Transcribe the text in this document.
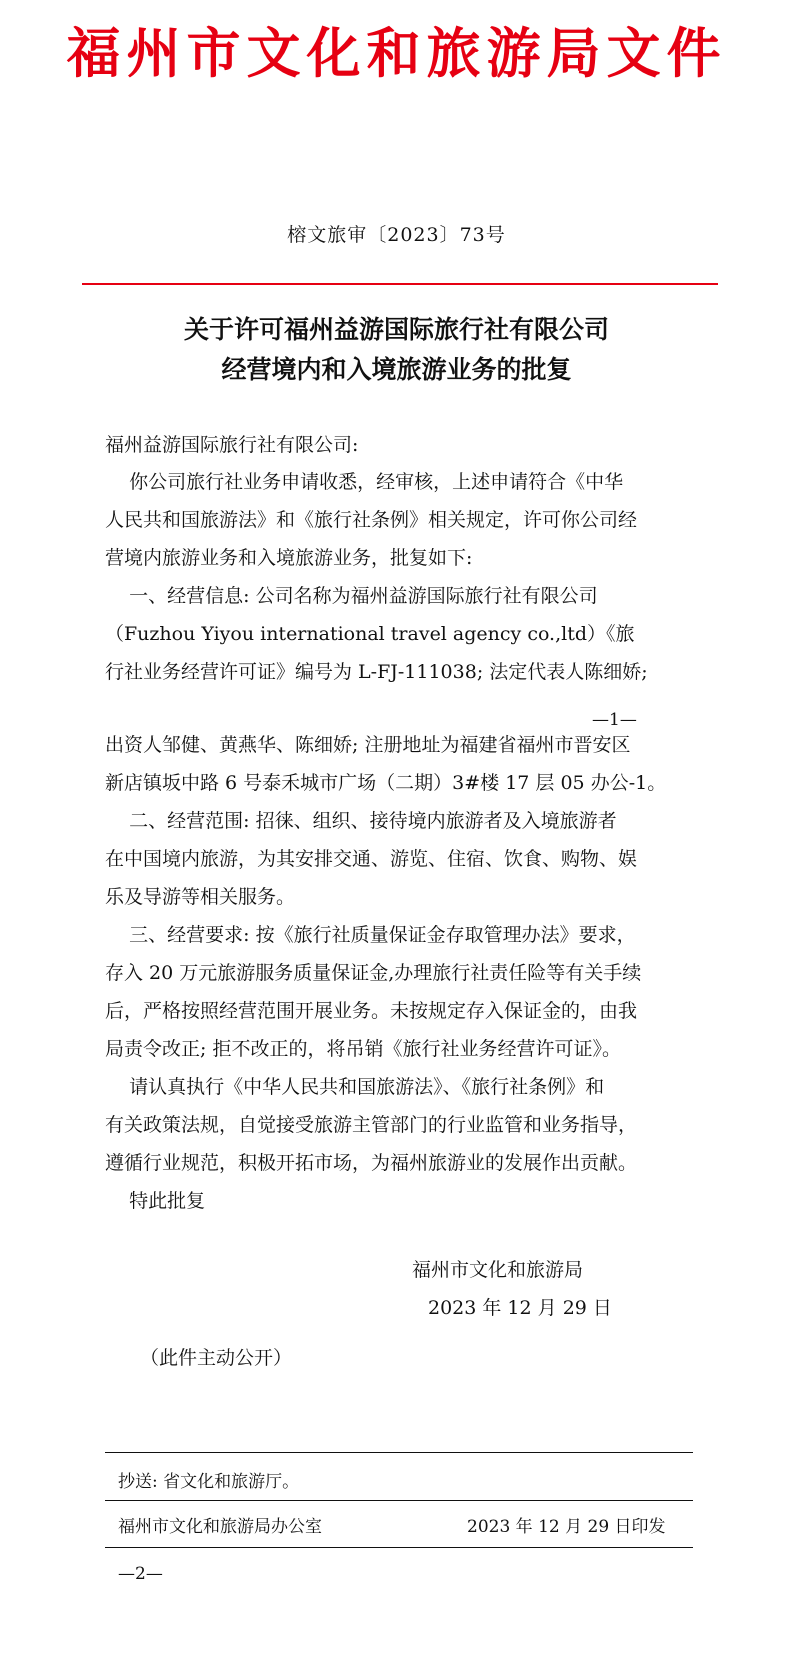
福州市文化和旅游局文件
榕文旅审〔2023〕73号
关于许可福州益游国际旅行社有限公司
经营境内和入境旅游业务的批复
福州益游国际旅行社有限公司:
你公司旅行社业务申请收悉，经审核，上述申请符合《中华
人民共和国旅游法》和《旅行社条例》相关规定，许可你公司经
营境内旅游业务和入境旅游业务，批复如下:
一、经营信息: 公司名称为福州益游国际旅行社有限公司
（Fuzhou Yiyou international travel agency co.,ltd）《旅
行社业务经营许可证》编号为 L-FJ-111038; 法定代表人陈细娇;
—1—
出资人邹健、黄燕华、陈细娇; 注册地址为福建省福州市晋安区
新店镇坂中路 6 号泰禾城市广场（二期）3#楼 17 层 05 办公-1。
二、经营范围: 招徕、组织、接待境内旅游者及入境旅游者
在中国境内旅游，为其安排交通、游览、住宿、饮食、购物、娱
乐及导游等相关服务。
三、经营要求: 按《旅行社质量保证金存取管理办法》要求，
存入 20 万元旅游服务质量保证金,办理旅行社责任险等有关手续
后，严格按照经营范围开展业务。未按规定存入保证金的，由我
局责令改正; 拒不改正的，将吊销《旅行社业务经营许可证》。
请认真执行《中华人民共和国旅游法》、《旅行社条例》和
有关政策法规，自觉接受旅游主管部门的行业监管和业务指导，
遵循行业规范，积极开拓市场，为福州旅游业的发展作出贡献。
特此批复
福州市文化和旅游局
2023 年 12 月 29 日
（此件主动公开）
抄送: 省文化和旅游厅。
福州市文化和旅游局办公室	2023 年 12 月 29 日印发
—2—
